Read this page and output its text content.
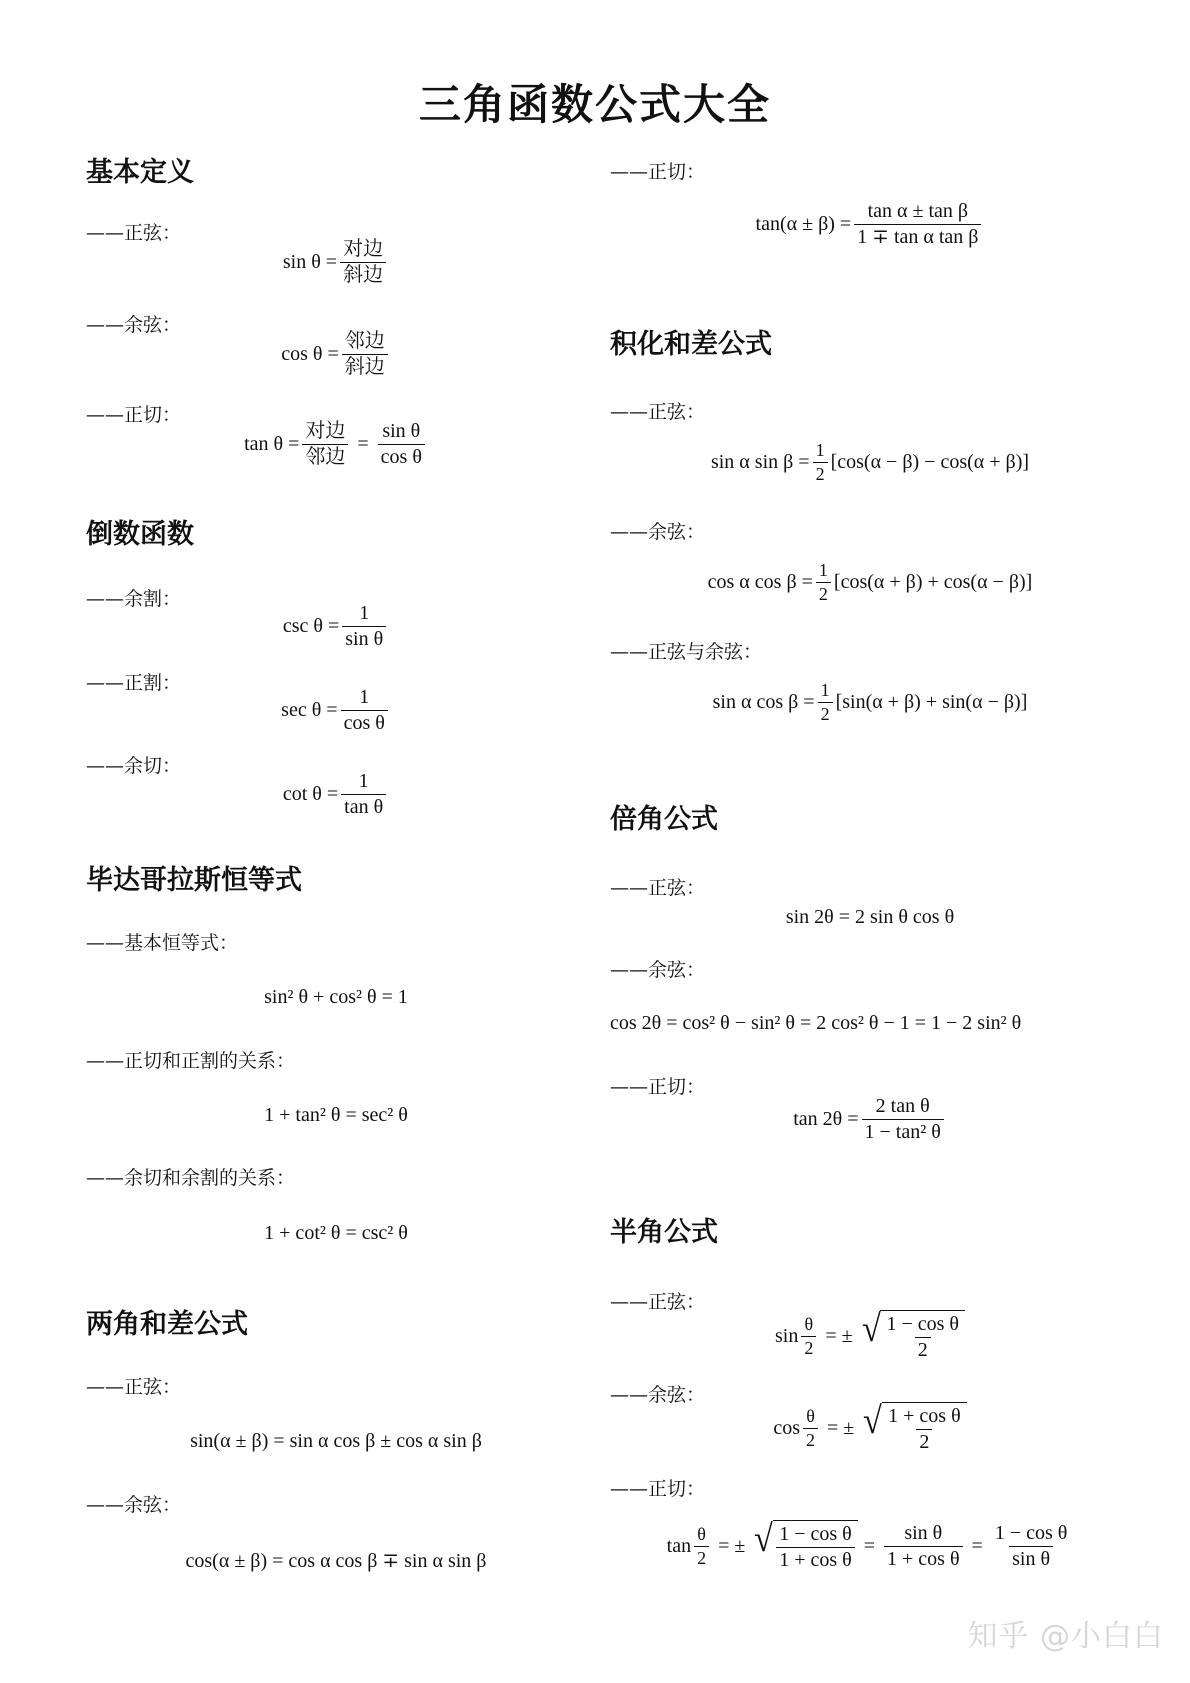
三角函数公式大全
基本定义
——正弦：
$\sin \theta = \frac{\text{对边}}{\text{斜边}}$
——余弦：
$\cos \theta = \frac{\text{邻边}}{\text{斜边}}$
——正切：
$\tan \theta = \frac{\text{对边}}{\text{邻边}} = \frac{\text{sin θ}}{\text{cos θ}}$
倒数函数
——余割：
$\csc \theta = \frac{1}{\text{sin θ}}$
——正割：
$\sec \theta = \frac{1}{\text{cos θ}}$
——余切：
$\cot \theta = \frac{1}{\text{tan θ}}$
毕达哥拉斯恒等式
——基本恒等式：
sin² θ + cos² θ = 1
——正切和正割的关系：
1 + tan² θ = sec² θ
——余切和余割的关系：
1 + cot² θ = csc² θ
两角和差公式
——正弦：
sin(α ± β) = sin α cos β ± cos α sin β
——余弦：
cos(α ± β) = cos α cos β ∓ sin α sin β
——正切：
$\tan(\alpha \pm \beta) = \frac{\text{tan α ± tan β}}{\text{1 ∓ tan α tan β}}$
积化和差公式
——正弦：
sin α $\sin \beta = \frac{1}{2} [\cos(\alpha - \beta) - \cos(\alpha + \beta)]$
——余弦：
cos α $\cos \beta = \frac{1}{2} [\cos(\alpha + \beta) + \cos(\alpha - \beta)]$
——正弦与余弦：
sin α $\cos \beta = \frac{1}{2} [\sin(\alpha + \beta) + \sin(\alpha - \beta)]$
倍角公式
——正弦：
sin 2θ = 2 sin θ cos θ
——余弦：
cos 2θ = cos² θ − sin² θ = 2 cos² θ − 1 = 1 − 2 sin² θ
——正切：
$\tan 2\theta = \frac{\text{2 tan θ}}{\text{1 − tan² θ}}$
半角公式
——正弦：
$\sin \frac{\theta}{2}$ = ± √ $\frac{\text{1 − cos θ}}{2}$
——余弦：
$\cos \frac{\theta}{2}$ = ± √ $\frac{\text{1 + cos θ}}{2}$
——正切：
$\tan \frac{\theta}{2}$ = ± √ $\frac{\text{1 − cos θ}}{\text{1 + cos θ}} = \frac{\text{sin θ}}{\text{1 + cos θ}} = \frac{\text{1 − cos θ}}{\text{sin θ}}$
知乎 @小白白
